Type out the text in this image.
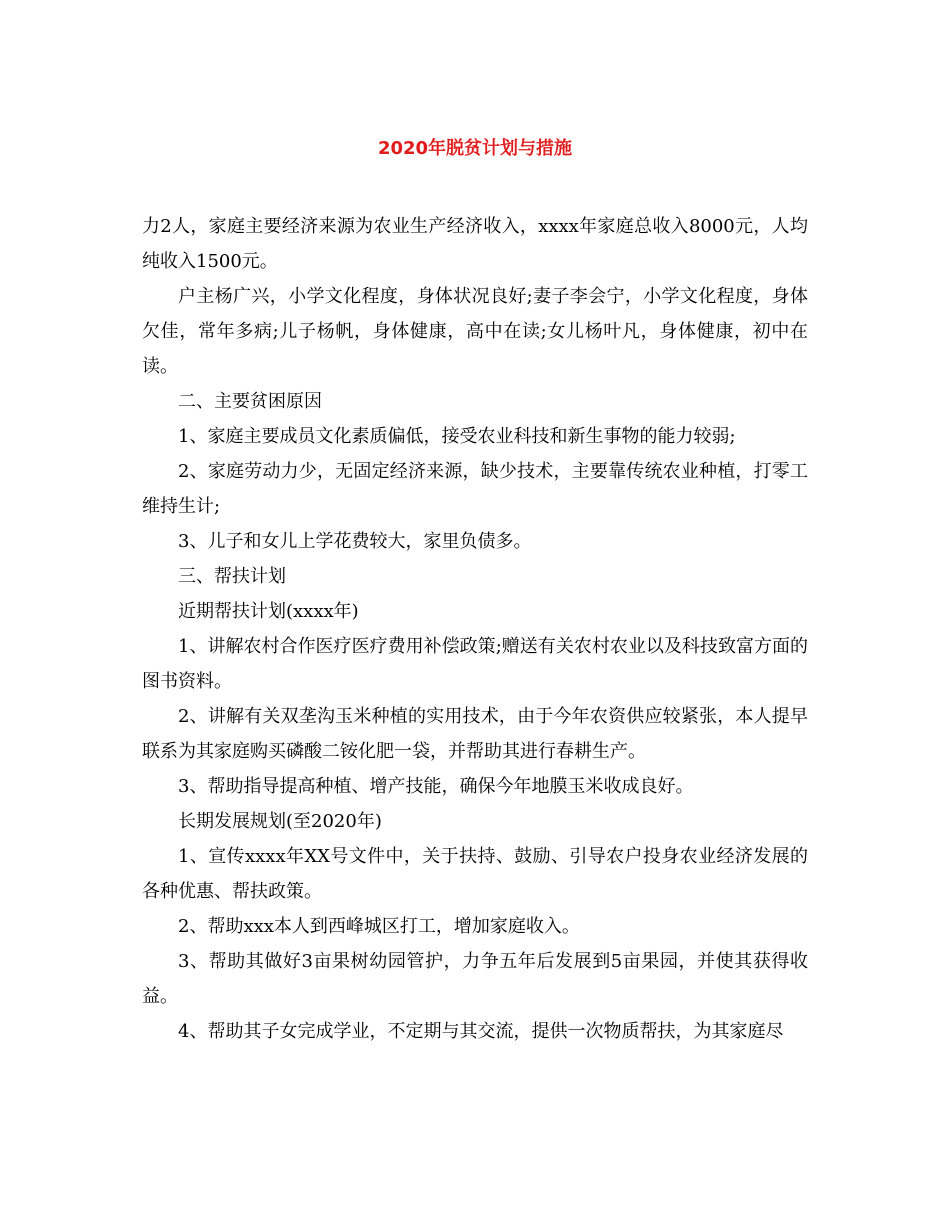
2020年脱贫计划与措施

力2人，家庭主要经济来源为农业生产经济收入，xxxx年家庭总收入8000元，人均纯收入1500元。

户主杨广兴，小学文化程度，身体状况良好;妻子李会宁，小学文化程度，身体欠佳，常年多病;儿子杨帆，身体健康，高中在读;女儿杨叶凡，身体健康，初中在读。

二、主要贫困原因

1、家庭主要成员文化素质偏低，接受农业科技和新生事物的能力较弱;

2、家庭劳动力少，无固定经济来源，缺少技术，主要靠传统农业种植，打零工维持生计;

3、儿子和女儿上学花费较大，家里负债多。

三、帮扶计划

近期帮扶计划(xxxx年)

1、讲解农村合作医疗医疗费用补偿政策;赠送有关农村农业以及科技致富方面的图书资料。

2、讲解有关双垄沟玉米种植的实用技术，由于今年农资供应较紧张，本人提早联系为其家庭购买磷酸二铵化肥一袋，并帮助其进行春耕生产。

3、帮助指导提高种植、增产技能，确保今年地膜玉米收成良好。

长期发展规划(至2020年)

1、宣传xxxx年XX号文件中，关于扶持、鼓励、引导农户投身农业经济发展的各种优惠、帮扶政策。

2、帮助xxx本人到西峰城区打工，增加家庭收入。

3、帮助其做好3亩果树幼园管护，力争五年后发展到5亩果园，并使其获得收益。

4、帮助其子女完成学业，不定期与其交流，提供一次物质帮扶，为其家庭尽
